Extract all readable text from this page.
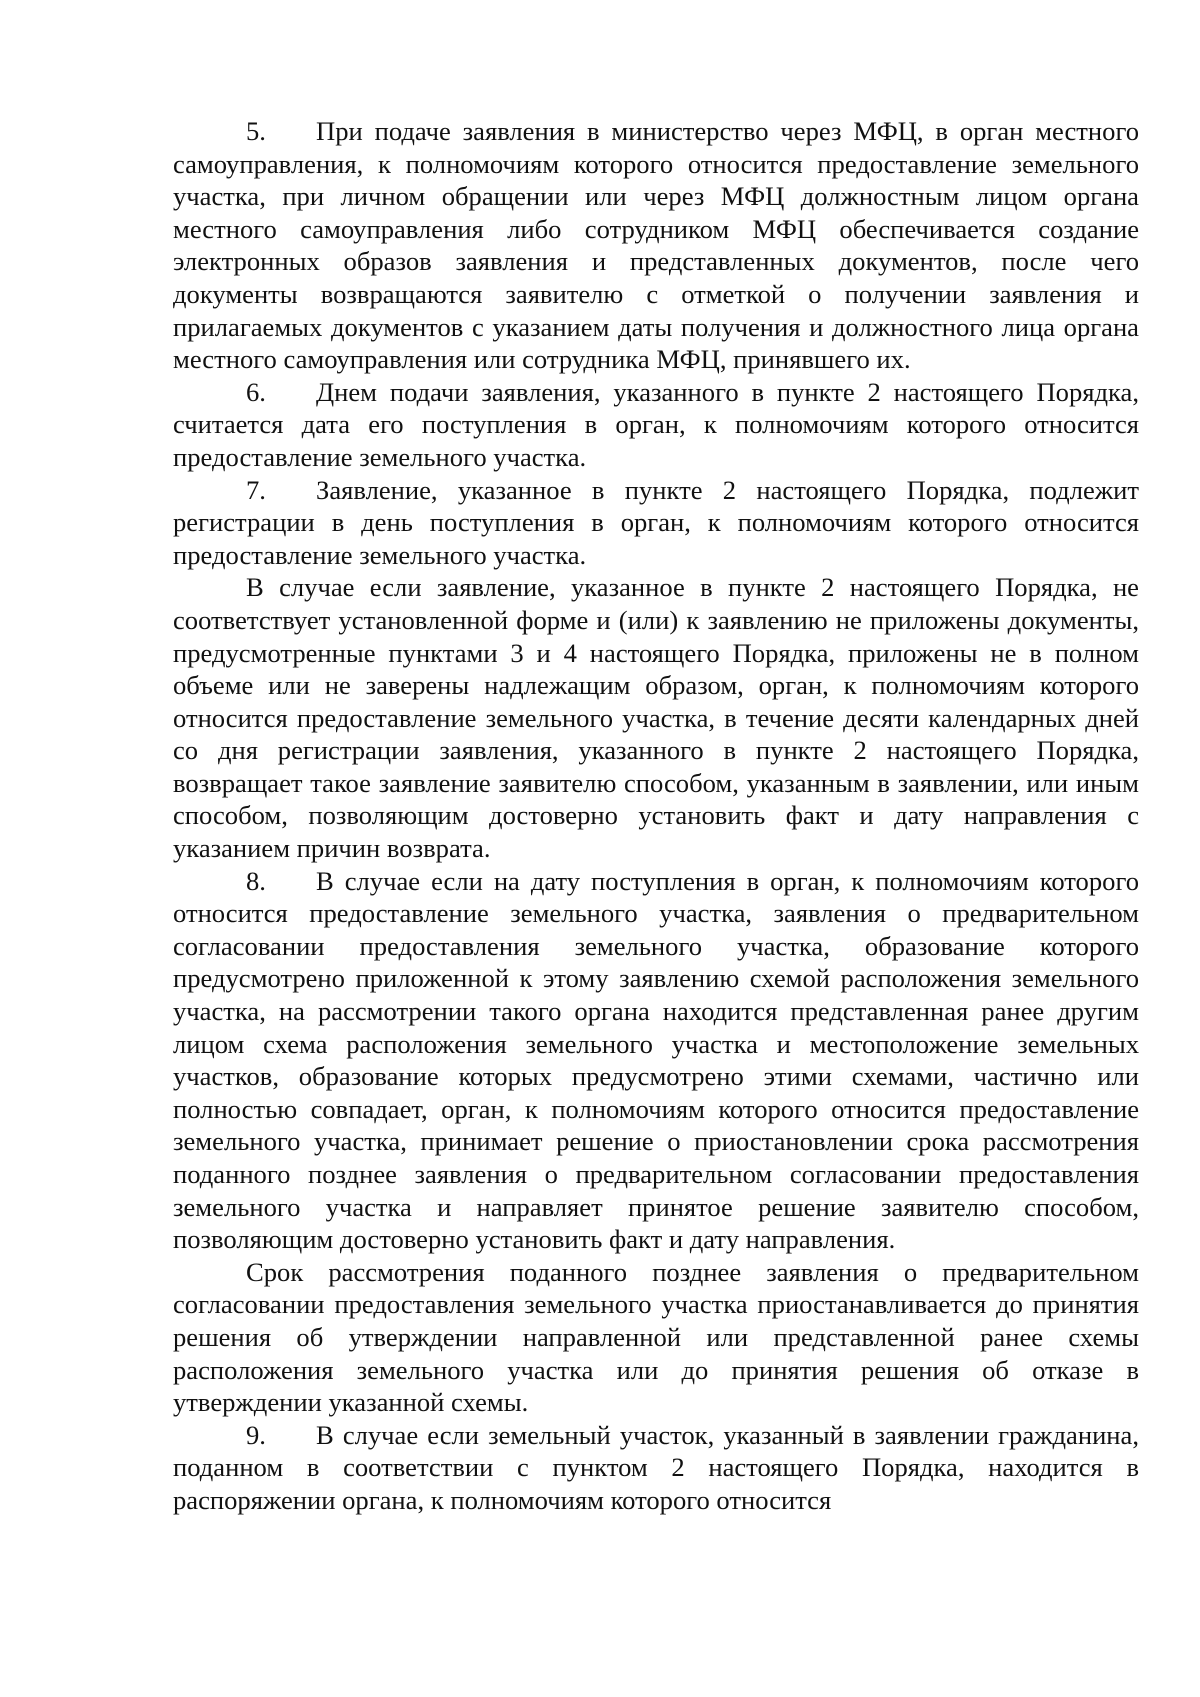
5. При подаче заявления в министерство через МФЦ, в орган местного самоуправления, к полномочиям которого относится предоставление земельного участка, при личном обращении или через МФЦ должностным лицом органа местного самоуправления либо сотрудником МФЦ обеспечивается создание электронных образов заявления и представленных документов, после чего документы возвращаются заявителю с отметкой о получении заявления и прилагаемых документов с указанием даты получения и должностного лица органа местного самоуправления или сотрудника МФЦ, принявшего их.

6. Днем подачи заявления, указанного в пункте 2 настоящего Порядка, считается дата его поступления в орган, к полномочиям которого относится предоставление земельного участка.

7. Заявление, указанное в пункте 2 настоящего Порядка, подлежит регистрации в день поступления в орган, к полномочиям которого относится предоставление земельного участка.

В случае если заявление, указанное в пункте 2 настоящего Порядка, не соответствует установленной форме и (или) к заявлению не приложены документы, предусмотренные пунктами 3 и 4 настоящего Порядка, приложены не в полном объеме или не заверены надлежащим образом, орган, к полномочиям которого относится предоставление земельного участка, в течение десяти календарных дней со дня регистрации заявления, указанного в пункте 2 настоящего Порядка, возвращает такое заявление заявителю способом, указанным в заявлении, или иным способом, позволяющим достоверно установить факт и дату направления с указанием причин возврата.

8. В случае если на дату поступления в орган, к полномочиям которого относится предоставление земельного участка, заявления о предварительном согласовании предоставления земельного участка, образование которого предусмотрено приложенной к этому заявлению схемой расположения земельного участка, на рассмотрении такого органа находится представленная ранее другим лицом схема расположения земельного участка и местоположение земельных участков, образование которых предусмотрено этими схемами, частично или полностью совпадает, орган, к полномочиям которого относится предоставление земельного участка, принимает решение о приостановлении срока рассмотрения поданного позднее заявления о предварительном согласовании предоставления земельного участка и направляет принятое решение заявителю способом, позволяющим достоверно установить факт и дату направления.

Срок рассмотрения поданного позднее заявления о предварительном согласовании предоставления земельного участка приостанавливается до принятия решения об утверждении направленной или представленной ранее схемы расположения земельного участка или до принятия решения об отказе в утверждении указанной схемы.

9. В случае если земельный участок, указанный в заявлении гражданина, поданном в соответствии с пунктом 2 настоящего Порядка, находится в распоряжении органа, к полномочиям которого относится
